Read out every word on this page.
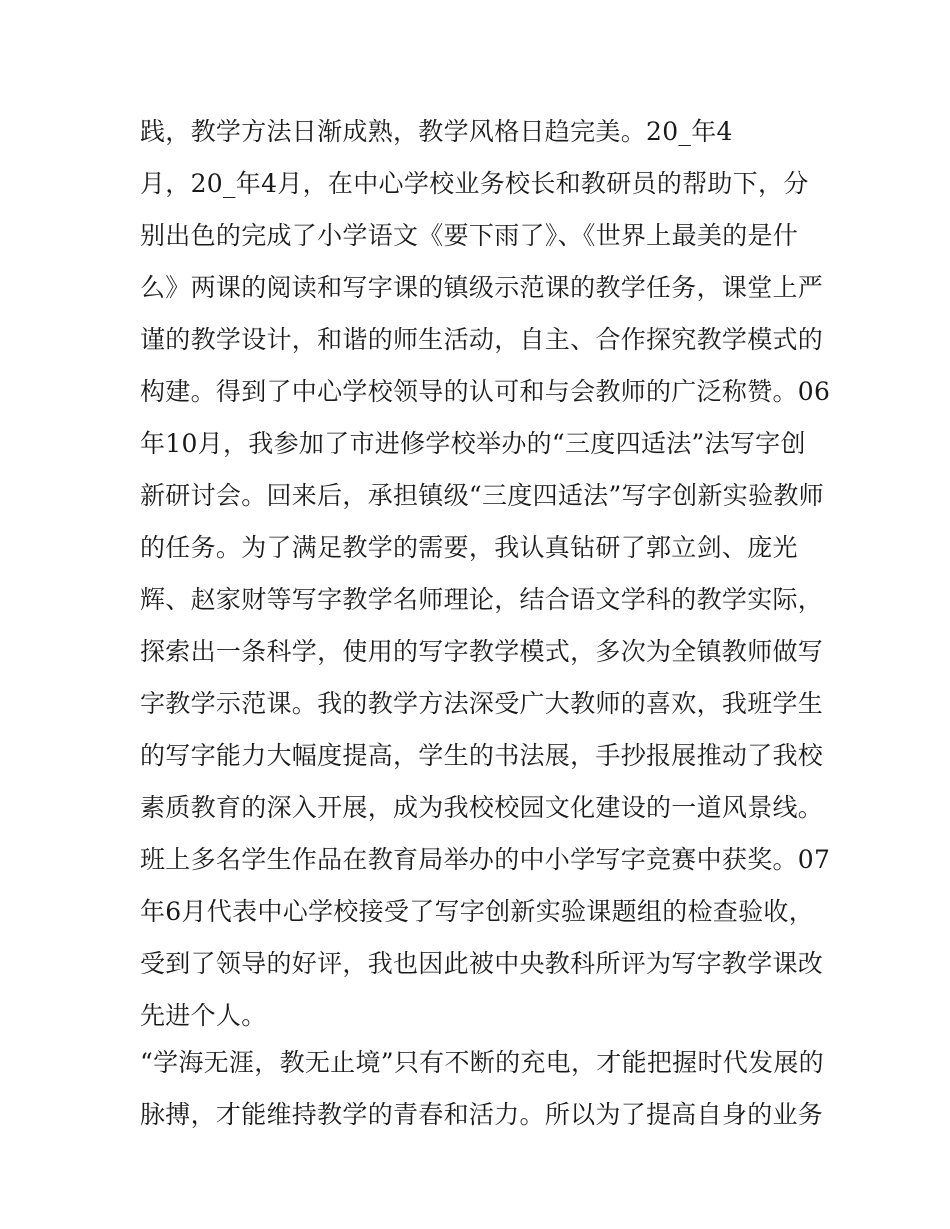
践，教学方法日渐成熟，教学风格日趋完美。20_年4
月，20_年4月，在中心学校业务校长和教研员的帮助下，分
别出色的完成了小学语文《要下雨了》、《世界上最美的是什
么》两课的阅读和写字课的镇级示范课的教学任务，课堂上严
谨的教学设计，和谐的师生活动，自主、合作探究教学模式的
构建。得到了中心学校领导的认可和与会教师的广泛称赞。06
年10月，我参加了市进修学校举办的“三度四适法”法写字创
新研讨会。回来后，承担镇级“三度四适法”写字创新实验教师
的任务。为了满足教学的需要，我认真钻研了郭立剑、庞光
辉、赵家财等写字教学名师理论，结合语文学科的教学实际，
探索出一条科学，使用的写字教学模式，多次为全镇教师做写
字教学示范课。我的教学方法深受广大教师的喜欢，我班学生
的写字能力大幅度提高，学生的书法展，手抄报展推动了我校
素质教育的深入开展，成为我校校园文化建设的一道风景线。
班上多名学生作品在教育局举办的中小学写字竞赛中获奖。07
年6月代表中心学校接受了写字创新实验课题组的检查验收，
受到了领导的好评，我也因此被中央教科所评为写字教学课改
先进个人。
“学海无涯，教无止境”只有不断的充电，才能把握时代发展的
脉搏，才能维持教学的青春和活力。所以为了提高自身的业务
